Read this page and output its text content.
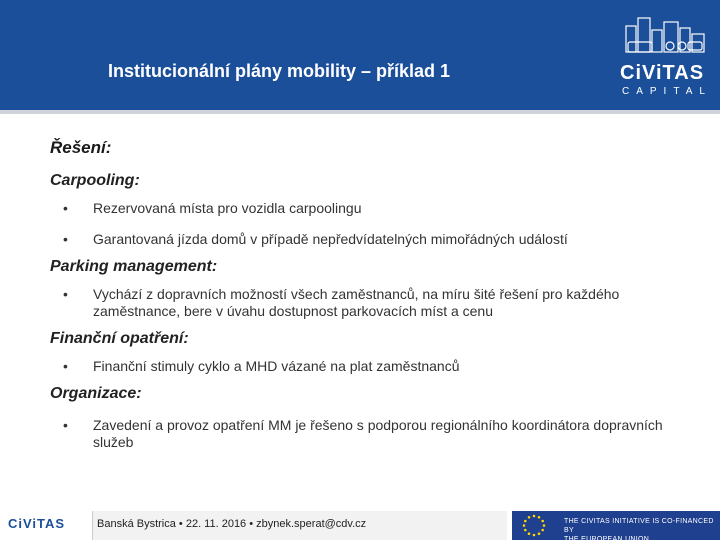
Institucionální plány mobility – příklad 1	CiViTAS
CAPITAL
Řešení:
Carpooling:
• Rezervovaná místa pro vozidla carpoolingu
• Garantovaná jízda domů v případě nepředvídatelných mimořádných událostí
Parking management:
• Vychází z dopravních možností všech zaměstnanců, na míru šité řešení pro každého zaměstnance, bere v úvahu dostupnost parkovacích míst a cenu
Finanční opatření:
• Finanční stimuly cyklo a MHD vázané na plat zaměstnanců
Organizace:
• Zavedení a provoz opatření MM je řešeno s podporou regionálního koordinátora dopravních služeb
CiViTAS	Banská Bystrica • 22. 11. 2016 • zbynek.sperat@cdv.cz	THE CIVITAS INITIATIVE IS CO-FINANCED BY
THE EUROPEAN UNION
